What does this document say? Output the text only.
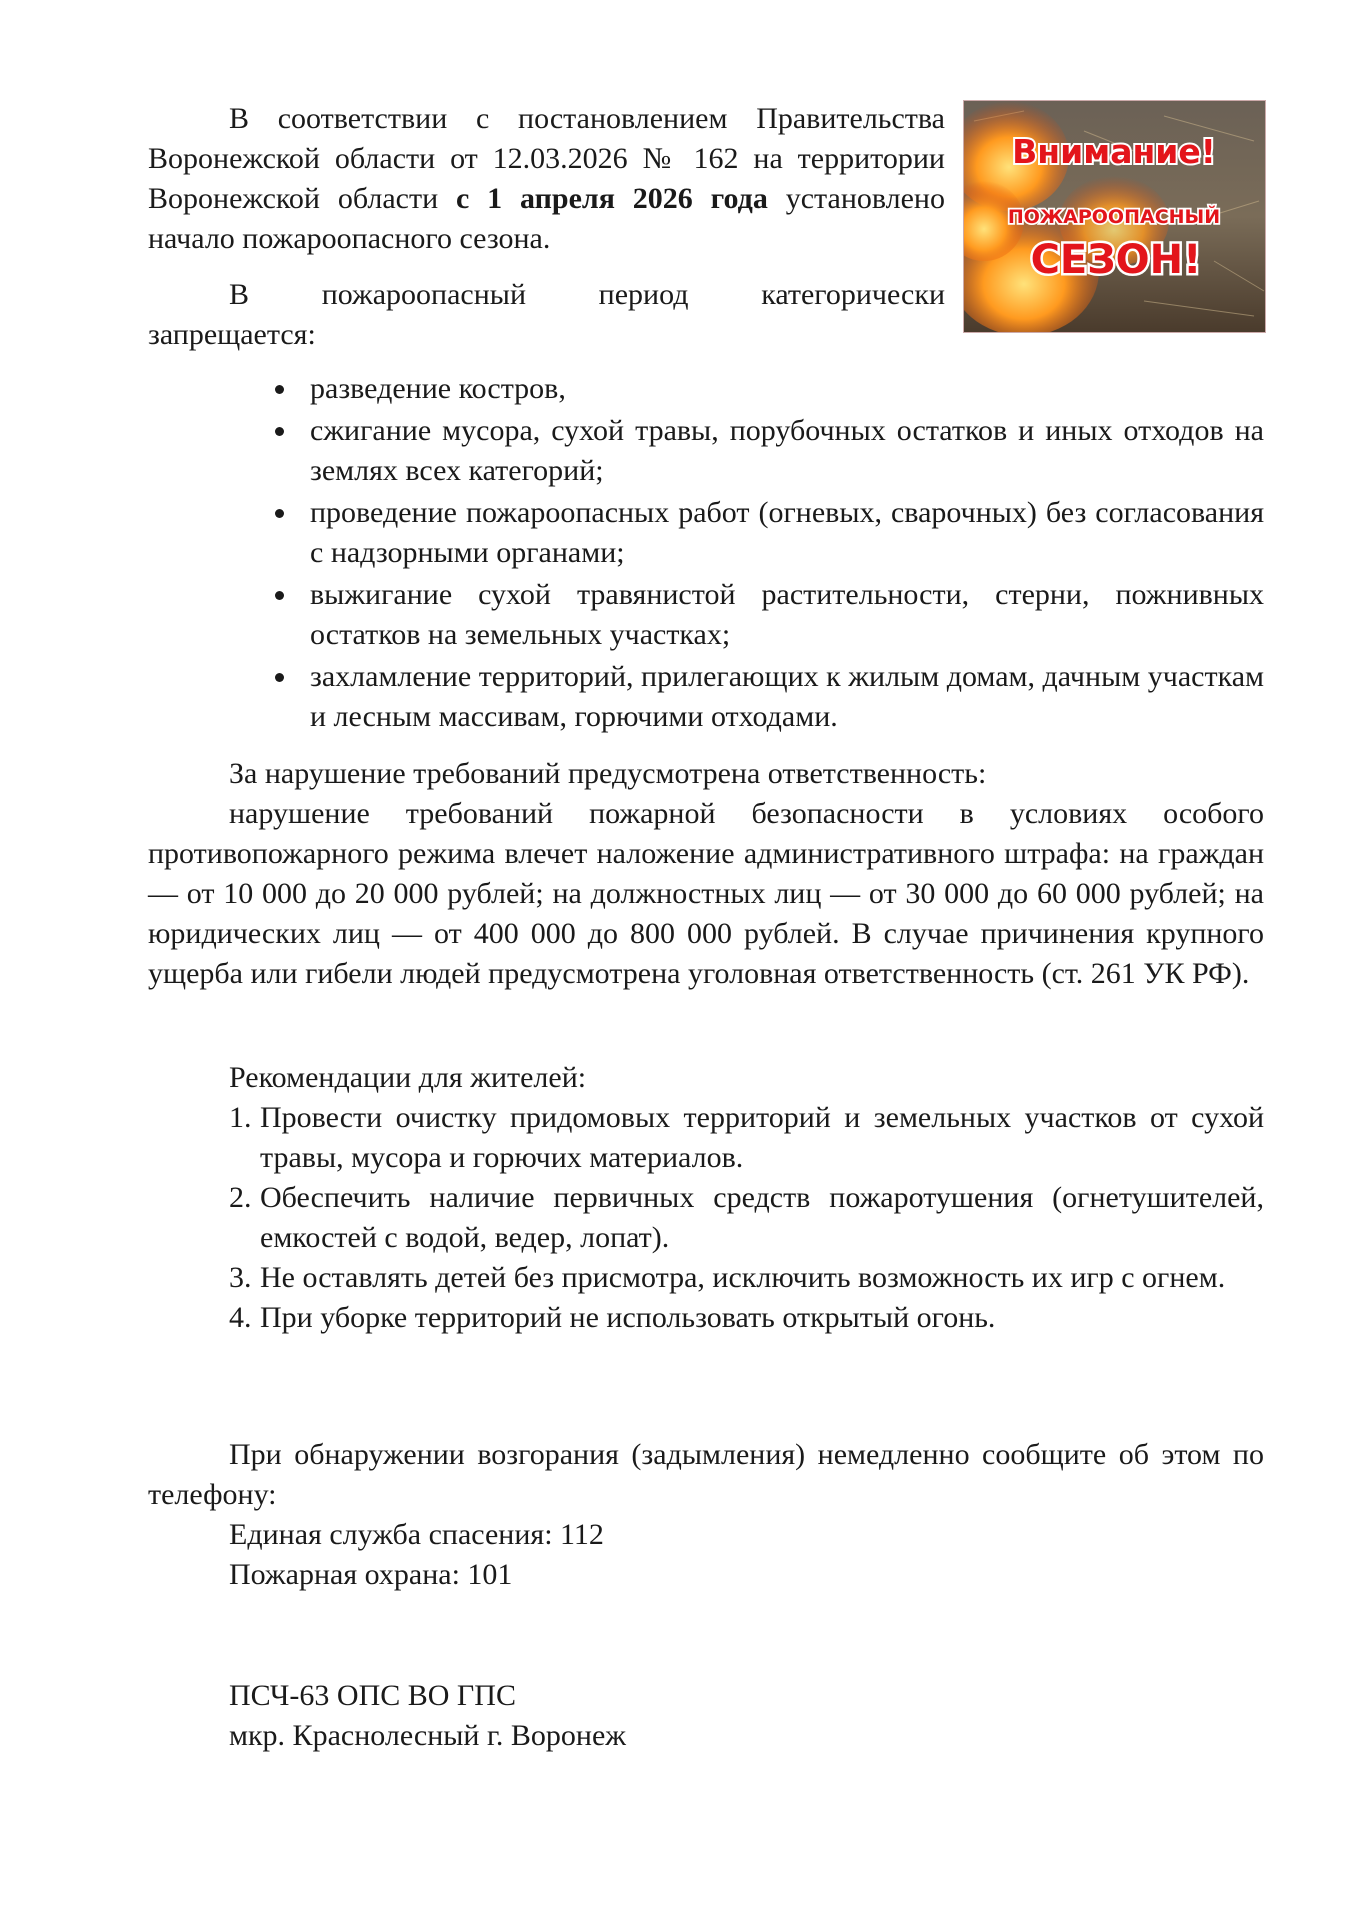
В соответствии с постановлением Правительства Воронежской области от 12.03.2026 № 162 на территории Воронежской области с 1 апреля 2026 года установлено начало пожароопасного сезона.

В пожароопасный период категорически

запрещается:

Внимание!
ПОЖАРООПАСНЫЙ
СЕЗОН!
разведение костров,
сжигание мусора, сухой травы, порубочных остатков и иных отходов на землях всех категорий;
проведение пожароопасных работ (огневых, сварочных) без согласования с надзорными органами;
выжигание сухой травянистой растительности, стерни, пожнивных остатков на земельных участках;
захламление территорий, прилегающих к жилым домам, дачным участкам и лесным массивам, горючими отходами.

За нарушение требований предусмотрена ответственность:

нарушение требований пожарной безопасности в условиях особого противопожарного режима влечет наложение административного штрафа: на граждан — от 10 000 до 20 000 рублей; на должностных лиц — от 30 000 до 60 000 рублей; на юридических лиц — от 400 000 до 800 000 рублей. В случае причинения крупного ущерба или гибели людей предусмотрена уголовная ответственность (ст. 261 УК РФ).

Рекомендации для жителей:

1. Провести очистку придомовых территорий и земельных участков от сухой травы, мусора и горючих материалов.
2. Обеспечить наличие первичных средств пожаротушения (огнетушителей, емкостей с водой, ведер, лопат).
3. Не оставлять детей без присмотра, исключить возможность их игр с огнем.
4. При уборке территорий не использовать открытый огонь.

При обнаружении возгорания (задымления) немедленно сообщите об этом по телефону:

Единая служба спасения: 112

Пожарная охрана: 101

ПСЧ-63 ОПС ВО ГПС

мкр. Краснолесный г. Воронеж
